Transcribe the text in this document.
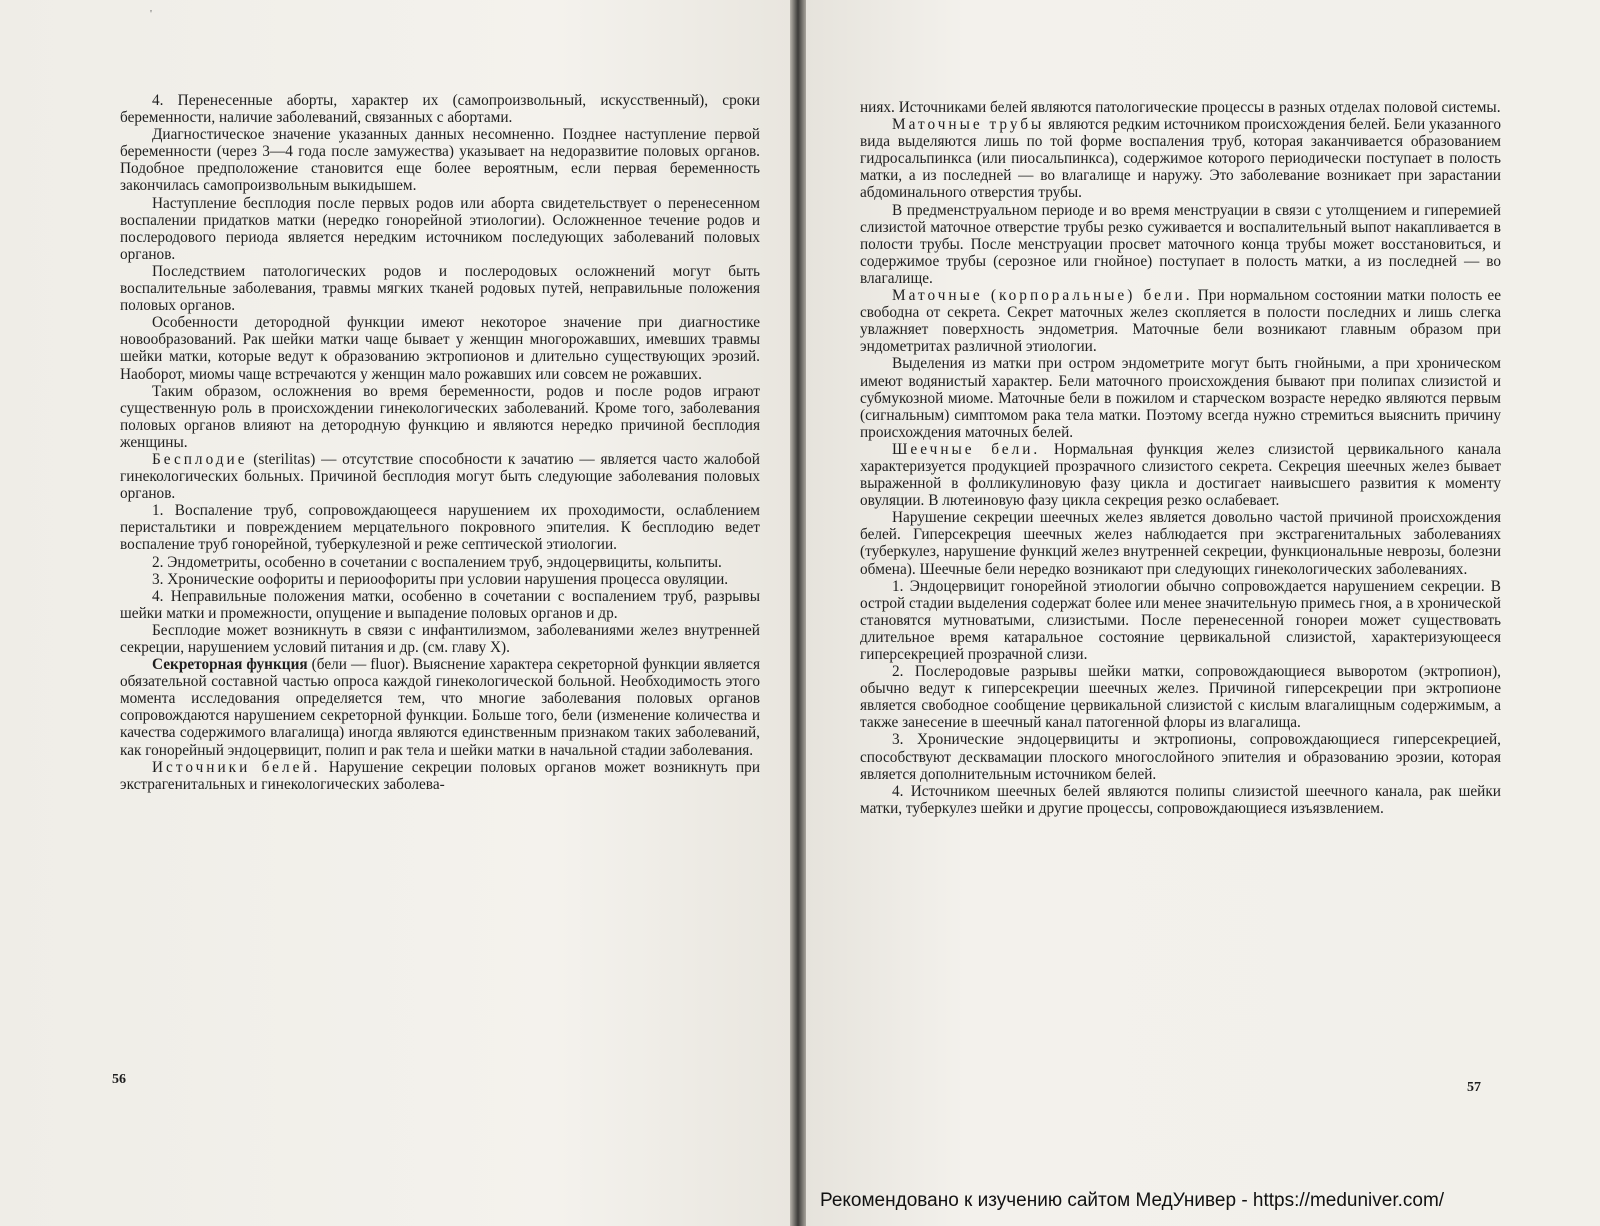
'

4. Перенесенные аборты, характер их (самопроизвольный, искусственный), сроки беременности, наличие заболеваний, связанных с абортами.

Диагностическое значение указанных данных несомненно. Позднее наступление первой беременности (через 3—4 года после замужества) указывает на недоразвитие половых органов. Подобное предположение становится еще более вероятным, если первая беременность закончилась самопроизвольным выкидышем.

Наступление бесплодия после первых родов или аборта свидетельствует о перенесенном воспалении придатков матки (нередко гонорейной этиологии). Осложненное течение родов и послеродового периода является нередким источником последующих заболеваний половых органов.

Последствием патологических родов и послеродовых осложнений могут быть воспалительные заболевания, травмы мягких тканей родовых путей, неправильные положения половых органов.

Особенности детородной функции имеют некоторое значение при диагностике новообразований. Рак шейки матки чаще бывает у женщин многорожавших, имевших травмы шейки матки, которые ведут к образованию эктропионов и длительно существующих эрозий. Наоборот, миомы чаще встречаются у женщин мало рожавших или совсем не рожавших.

Таким образом, осложнения во время беременности, родов и после родов играют существенную роль в происхождении гинекологических заболеваний. Кроме того, заболевания половых органов влияют на детородную функцию и являются нередко причиной бесплодия женщины.

Бесплодие (sterilitas) — отсутствие способности к зачатию — является часто жалобой гинекологических больных. Причиной бесплодия могут быть следующие заболевания половых органов.

1. Воспаление труб, сопровождающееся нарушением их проходимости, ослаблением перистальтики и повреждением мерцательного покровного эпителия. К бесплодию ведет воспаление труб гонорейной, туберкулезной и реже септической этиологии.

2. Эндометриты, особенно в сочетании с воспалением труб, эндоцервициты, кольпиты.

3. Хронические оофориты и периоофориты при условии нарушения процесса овуляции.

4. Неправильные положения матки, особенно в сочетании с воспалением труб, разрывы шейки матки и промежности, опущение и выпадение половых органов и др.

Бесплодие может возникнуть в связи с инфантилизмом, заболеваниями желез внутренней секреции, нарушением условий питания и др. (см. главу X).

Секреторная функция (бели — fluor). Выяснение характера секреторной функции является обязательной составной частью опроса каждой гинекологической больной. Необходимость этого момента исследования определяется тем, что многие заболевания половых органов сопровождаются нарушением секреторной функции. Больше того, бели (изменение количества и качества содержимого влагалища) иногда являются единственным признаком таких заболеваний, как гонорейный эндоцервицит, полип и рак тела и шейки матки в начальной стадии заболевания.

Источники белей. Нарушение секреции половых органов может возникнуть при экстрагенитальных и гинекологических заболева-

56

ниях. Источниками белей являются патологические процессы в разных отделах половой системы.

Маточные трубы являются редким источником происхождения белей. Бели указанного вида выделяются лишь по той форме воспаления труб, которая заканчивается образованием гидросальпинкса (или пиосальпинкса), содержимое которого периодически поступает в полость матки, а из последней — во влагалище и наружу. Это заболевание возникает при зарастании абдоминального отверстия трубы.

В предменструальном периоде и во время менструации в связи с утолщением и гиперемией слизистой маточное отверстие трубы резко суживается и воспалительный выпот накапливается в полости трубы. После менструации просвет маточного конца трубы может восстановиться, и содержимое трубы (серозное или гнойное) поступает в полость матки, а из последней — во влагалище.

Маточные (корпоральные) бели. При нормальном состоянии матки полость ее свободна от секрета. Секрет маточных желез скопляется в полости последних и лишь слегка увлажняет поверхность эндометрия. Маточные бели возникают главным образом при эндометритах различной этиологии.

Выделения из матки при остром эндометрите могут быть гнойными, а при хроническом имеют водянистый характер. Бели маточного происхождения бывают при полипах слизистой и субмукозной миоме. Маточные бели в пожилом и старческом возрасте нередко являются первым (сигнальным) симптомом рака тела матки. Поэтому всегда нужно стремиться выяснить причину происхождения маточных белей.

Шеечные бели. Нормальная функция желез слизистой цервикального канала характеризуется продукцией прозрачного слизистого секрета. Секреция шеечных желез бывает выраженной в фолликулиновую фазу цикла и достигает наивысшего развития к моменту овуляции. В лютеиновую фазу цикла секреция резко ослабевает.

Нарушение секреции шеечных желез является довольно частой причиной происхождения белей. Гиперсекреция шеечных желез наблюдается при экстрагенитальных заболеваниях (туберкулез, нарушение функций желез внутренней секреции, функциональные неврозы, болезни обмена). Шеечные бели нередко возникают при следующих гинекологических заболеваниях.

1. Эндоцервицит гонорейной этиологии обычно сопровождается нарушением секреции. В острой стадии выделения содержат более или менее значительную примесь гноя, а в хронической становятся мутноватыми, слизистыми. После перенесенной гонореи может существовать длительное время катаральное состояние цервикальной слизистой, характеризующееся гиперсекрецией прозрачной слизи.

2. Послеродовые разрывы шейки матки, сопровождающиеся выворотом (эктропион), обычно ведут к гиперсекреции шеечных желез. Причиной гиперсекреции при эктропионе является свободное сообщение цервикальной слизистой с кислым влагалищным содержимым, а также занесение в шеечный канал патогенной флоры из влагалища.

3. Хронические эндоцервициты и эктропионы, сопровождающиеся гиперсекрецией, способствуют десквамации плоского многослойного эпителия и образованию эрозии, которая является дополнительным источником белей.

4. Источником шеечных белей являются полипы слизистой шеечного канала, рак шейки матки, туберкулез шейки и другие процессы, сопровождающиеся изъязвлением.

57
Рекомендовано к изучению сайтом МедУнивер - https://meduniver.com/
